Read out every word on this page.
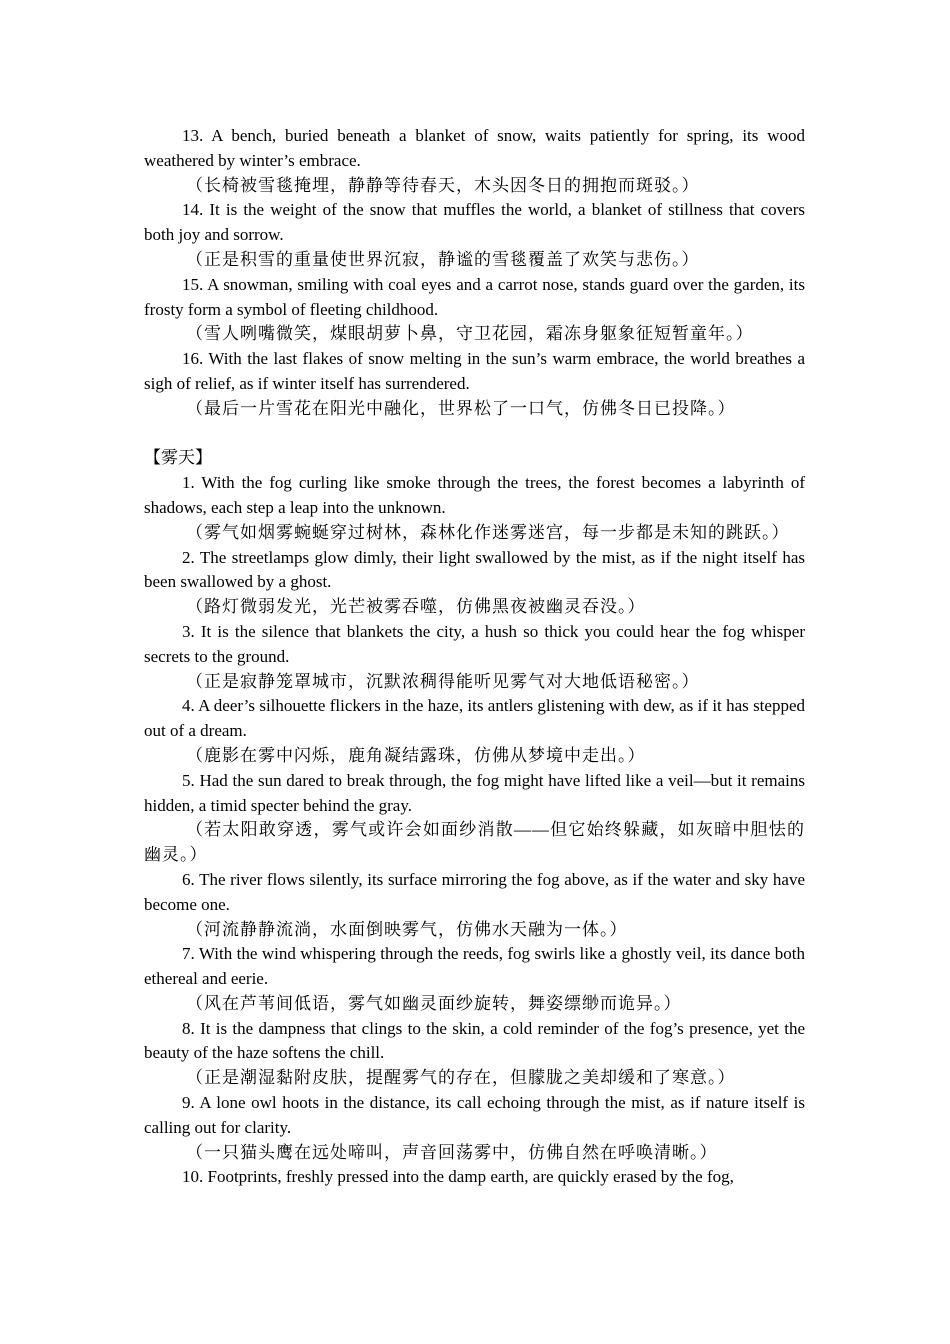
13. A bench, buried beneath a blanket of snow, waits patiently for spring, its wood weathered by winter’s embrace.

（长椅被雪毯掩埋，静静等待春天，木头因冬日的拥抱而斑驳。）

14. It is the weight of the snow that muffles the world, a blanket of stillness that covers both joy and sorrow.

（正是积雪的重量使世界沉寂，静谧的雪毯覆盖了欢笑与悲伤。）

15. A snowman, smiling with coal eyes and a carrot nose, stands guard over the garden, its frosty form a symbol of fleeting childhood.

（雪人咧嘴微笑，煤眼胡萝卜鼻，守卫花园，霜冻身躯象征短暂童年。）

16. With the last flakes of snow melting in the sun’s warm embrace, the world breathes a sigh of relief, as if winter itself has surrendered.

（最后一片雪花在阳光中融化，世界松了一口气，仿佛冬日已投降。）

【雾天】

1. With the fog curling like smoke through the trees, the forest becomes a labyrinth of shadows, each step a leap into the unknown.

（雾气如烟雾蜿蜒穿过树林，森林化作迷雾迷宫，每一步都是未知的跳跃。）

2. The streetlamps glow dimly, their light swallowed by the mist, as if the night itself has been swallowed by a ghost.

（路灯微弱发光，光芒被雾吞噬，仿佛黑夜被幽灵吞没。）

3. It is the silence that blankets the city, a hush so thick you could hear the fog whisper secrets to the ground.

（正是寂静笼罩城市，沉默浓稠得能听见雾气对大地低语秘密。）

4. A deer’s silhouette flickers in the haze, its antlers glistening with dew, as if it has stepped out of a dream.

（鹿影在雾中闪烁，鹿角凝结露珠，仿佛从梦境中走出。）

5. Had the sun dared to break through, the fog might have lifted like a veil—but it remains hidden, a timid specter behind the gray.

（若太阳敢穿透，雾气或许会如面纱消散——但它始终躲藏，如灰暗中胆怯的幽灵。）

6. The river flows silently, its surface mirroring the fog above, as if the water and sky have become one.

（河流静静流淌，水面倒映雾气，仿佛水天融为一体。）

7. With the wind whispering through the reeds, fog swirls like a ghostly veil, its dance both ethereal and eerie.

（风在芦苇间低语，雾气如幽灵面纱旋转，舞姿缥缈而诡异。）

8. It is the dampness that clings to the skin, a cold reminder of the fog’s presence, yet the beauty of the haze softens the chill.

（正是潮湿黏附皮肤，提醒雾气的存在，但朦胧之美却缓和了寒意。）

9. A lone owl hoots in the distance, its call echoing through the mist, as if nature itself is calling out for clarity.

（一只猫头鹰在远处啼叫，声音回荡雾中，仿佛自然在呼唤清晰。）

10. Footprints, freshly pressed into the damp earth, are quickly erased by the fog,
